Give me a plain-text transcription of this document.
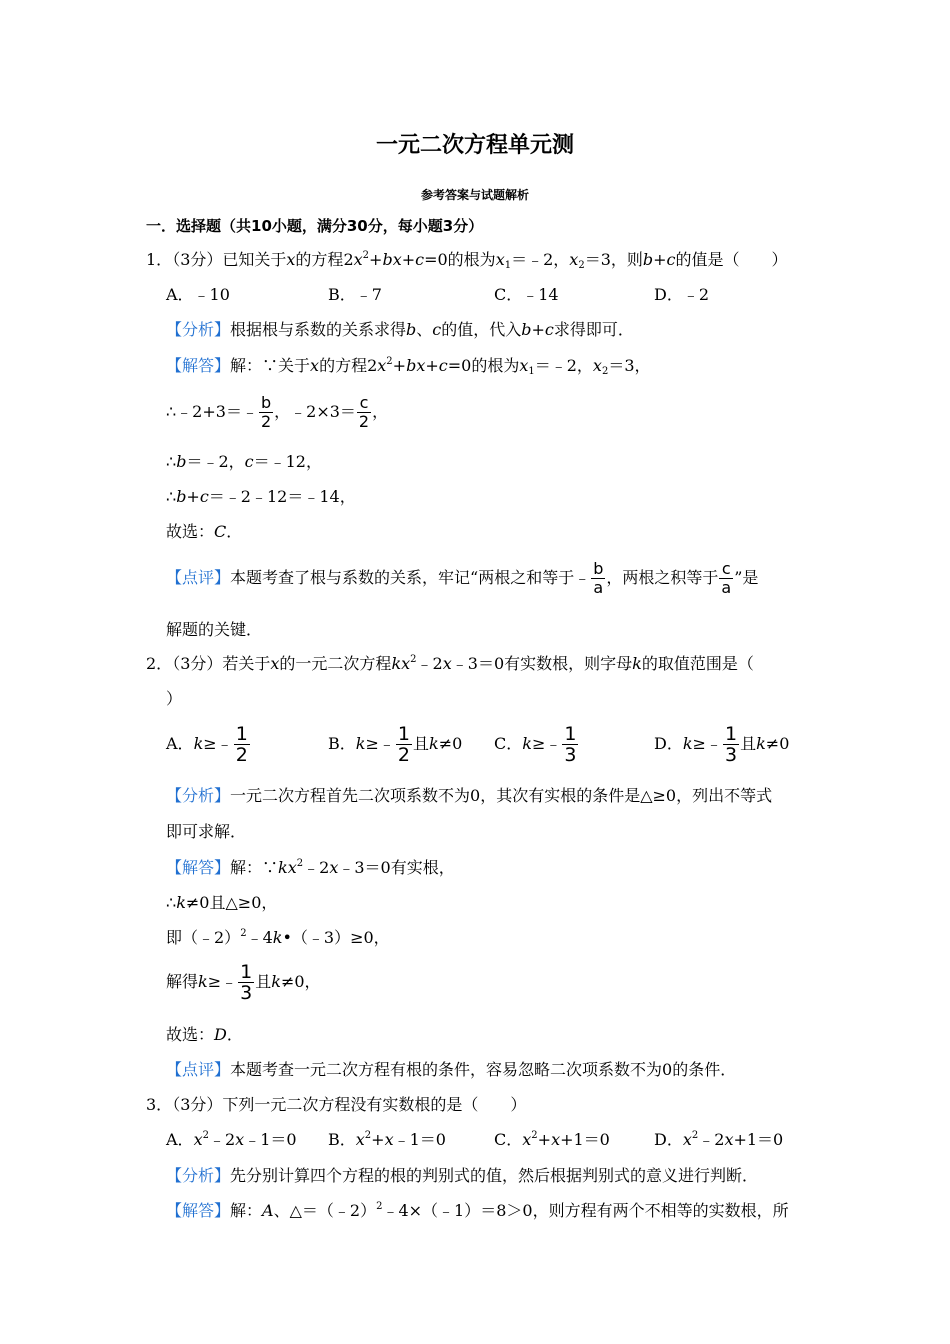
一元二次方程单元测
参考答案与试题解析
一．选择题（共10小题，满分30分，每小题3分）
1．（3分）已知关于x的方程$2x^2+bx+c=0$的根为$x_1=﹣2$，$x_2=3$，则b+c的值是（　　）
A．﹣10	B．﹣7	C．﹣14	D．﹣2
【分析】根据根与系数的关系求得b、c的值，代入b+c求得即可．
【解答】解：∵关于x的方程$2x^2+bx+c=0$的根为$x_1=﹣2$，$x_2=3$，
∴﹣2+3＝﹣ $\frac{b}{2}$ ，﹣2×3＝ $\frac{c}{2}$ ，
∴b＝﹣2，c＝﹣12，
∴b+c＝﹣2﹣12＝﹣14，
故选：C．
【点评】本题考查了根与系数的关系，牢记“两根之和等于﹣ $\frac{b}{a}$ ，两根之积等于 $\frac{c}{a}$ ”是
解题的关键．
2．（3分）若关于x的一元二次方程$kx^2﹣2x﹣3=0$有实数根，则字母k的取值范围是（
）
A．k≥﹣ $\frac{1}{2}$	B．k≥﹣ $\frac{1}{2}$ 且k≠0 C．k≥﹣ $\frac{1}{3}$	D．k≥﹣ $\frac{1}{3}$ 且k≠0
【分析】一元二次方程首先二次项系数不为0，其次有实根的条件是△≥0，列出不等式
即可求解．
【解答】解：$\because kx^2﹣2x﹣3=0$有实根，
∴k≠0且△≥0，
即（﹣2）$^2$﹣4k•（﹣3）≥0，
解得k≥﹣ $\frac{1}{3}$ 且k≠0，
故选：D．
【点评】本题考查一元二次方程有根的条件，容易忽略二次项系数不为0的条件．
3．（3分）下列一元二次方程没有实数根的是（　　）
A．$x^2﹣2x﹣1=0$ B．$x^2+x﹣1=0$	C．$x^2+x+1=0$	D．$x^2﹣2x+1=0$
【分析】先分别计算四个方程的根的判别式的值，然后根据判别式的意义进行判断．
【解答】解：A、△＝（﹣2）$^2$﹣4×（﹣1）＝8＞0，则方程有两个不相等的实数根，所
